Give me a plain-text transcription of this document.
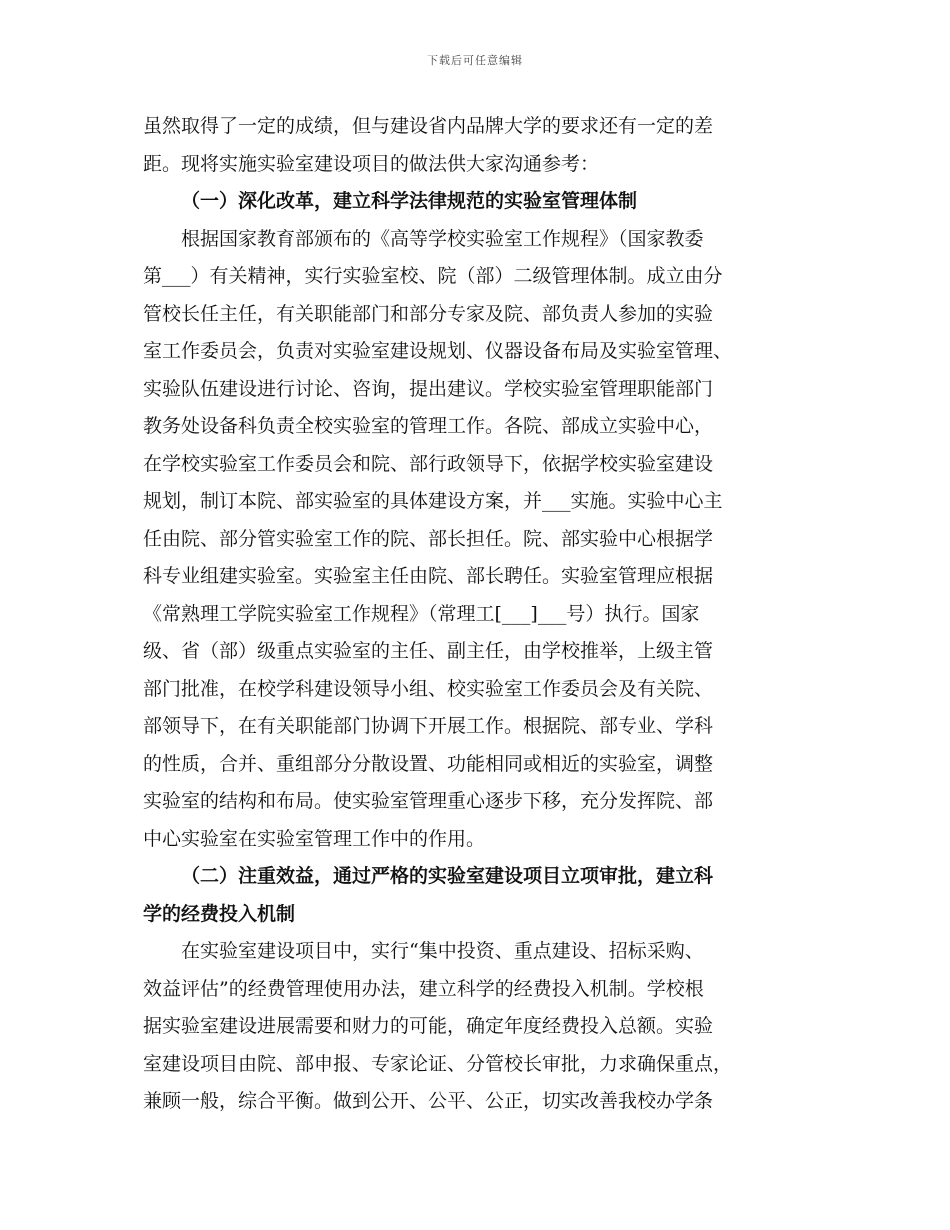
下载后可任意编辑
虽然取得了一定的成绩，但与建设省内品牌大学的要求还有一定的差
距。现将实施实验室建设项目的做法供大家沟通参考：
（一）深化改革，建立科学法律规范的实验室管理体制
根据国家教育部颁布的《高等学校实验室工作规程》（国家教委
第___）有关精神，实行实验室校、院（部）二级管理体制。成立由分
管校长任主任，有关职能部门和部分专家及院、部负责人参加的实验
室工作委员会，负责对实验室建设规划、仪器设备布局及实验室管理、
实验队伍建设进行讨论、咨询，提出建议。学校实验室管理职能部门
教务处设备科负责全校实验室的管理工作。各院、部成立实验中心，
在学校实验室工作委员会和院、部行政领导下，依据学校实验室建设
规划，制订本院、部实验室的具体建设方案，并___实施。实验中心主
任由院、部分管实验室工作的院、部长担任。院、部实验中心根据学
科专业组建实验室。实验室主任由院、部长聘任。实验室管理应根据
《常熟理工学院实验室工作规程》（常理工[___]___号）执行。国家
级、省（部）级重点实验室的主任、副主任，由学校推举，上级主管
部门批准，在校学科建设领导小组、校实验室工作委员会及有关院、
部领导下，在有关职能部门协调下开展工作。根据院、部专业、学科
的性质，合并、重组部分分散设置、功能相同或相近的实验室，调整
实验室的结构和布局。使实验室管理重心逐步下移，充分发挥院、部
中心实验室在实验室管理工作中的作用。
（二）注重效益，通过严格的实验室建设项目立项审批，建立科
学的经费投入机制
在实验室建设项目中，实行“集中投资、重点建设、招标采购、
效益评估”的经费管理使用办法，建立科学的经费投入机制。学校根
据实验室建设进展需要和财力的可能，确定年度经费投入总额。实验
室建设项目由院、部申报、专家论证、分管校长审批，力求确保重点，
兼顾一般，综合平衡。做到公开、公平、公正，切实改善我校办学条
